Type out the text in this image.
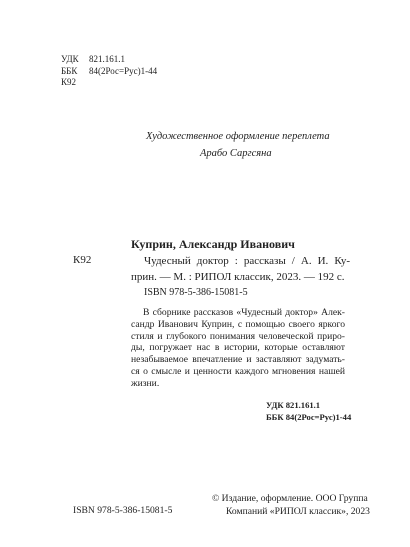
УДК	821.161.1
ББК	84(2Рос=Рус)1-44
К92
Художественное оформление переплета
Арабо Саргсяна
Куприн, Александр Иванович
К92	Чудесный доктор : рассказы / А. И. Ку-
прин. — М. : РИПОЛ классик, 2023. — 192 с.
ISBN 978-5-386-15081-5
В сборнике рассказов «Чудесный доктор» Алек-
сандр Иванович Куприн, с помощью своего яркого
стиля и глубокого понимания человеческой приро-
ды, погружает нас в истории, которые оставляют
незабываемое впечатление и заставляют задумать-
ся о смысле и ценности каждого мгновения нашей
жизни.
УДК 821.161.1
ББК 84(2Рос=Рус)1-44
ISBN 978-5-386-15081-5
© Издание, оформление. ООО Группа
Компаний «РИПОЛ классик», 2023
